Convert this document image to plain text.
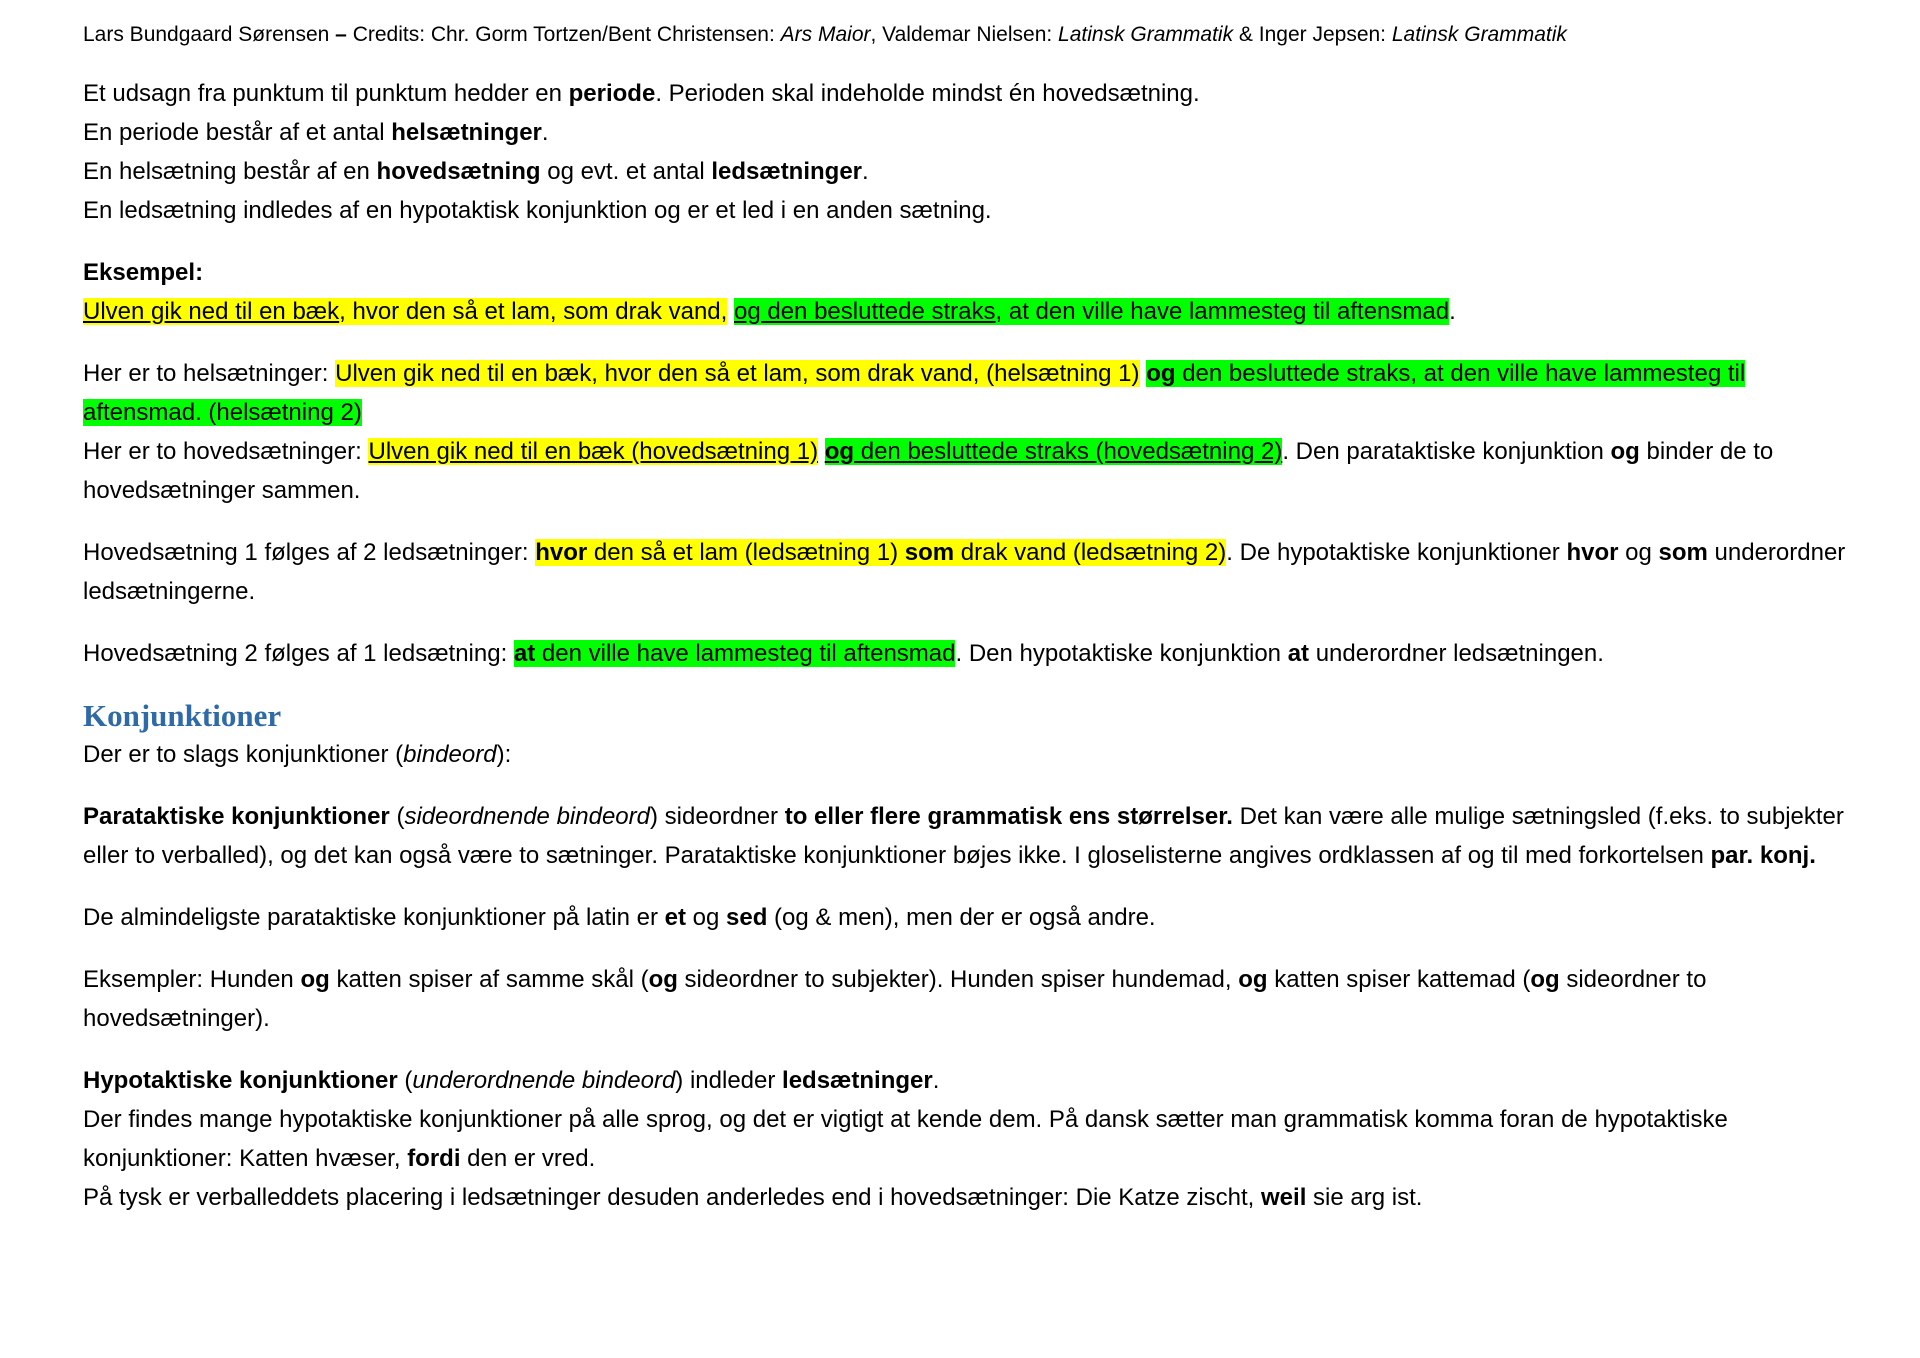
Lars Bundgaard Sørensen – Credits: Chr. Gorm Tortzen/Bent Christensen: Ars Maior, Valdemar Nielsen: Latinsk Grammatik & Inger Jepsen: Latinsk Grammatik

Et udsagn fra punktum til punktum hedder en periode. Perioden skal indeholde mindst én hovedsætning.

En periode består af et antal helsætninger.

En helsætning består af en hovedsætning og evt. et antal ledsætninger.

En ledsætning indledes af en hypotaktisk konjunktion og er et led i en anden sætning.

Eksempel:

Ulven gik ned til en bæk, hvor den så et lam, som drak vand, og den besluttede straks, at den ville have lammesteg til aftensmad.

Her er to helsætninger: Ulven gik ned til en bæk, hvor den så et lam, som drak vand, (helsætning 1) og den besluttede straks, at den ville have lammesteg til aftensmad. (helsætning 2)

Her er to hovedsætninger: Ulven gik ned til en bæk (hovedsætning 1) og den besluttede straks (hovedsætning 2). Den parataktiske konjunktion og binder de to hovedsætninger sammen.

Hovedsætning 1 følges af 2 ledsætninger: hvor den så et lam (ledsætning 1) som drak vand (ledsætning 2). De hypotaktiske konjunktioner hvor og som underordner ledsætningerne.

Hovedsætning 2 følges af 1 ledsætning: at den ville have lammesteg til aftensmad. Den hypotaktiske konjunktion at underordner ledsætningen.

Konjunktioner

Der er to slags konjunktioner (bindeord):

Parataktiske konjunktioner (sideordnende bindeord) sideordner to eller flere grammatisk ens størrelser. Det kan være alle mulige sætningsled (f.eks. to subjekter eller to verballed), og det kan også være to sætninger. Parataktiske konjunktioner bøjes ikke. I gloselisterne angives ordklassen af og til med forkortelsen par. konj.

De almindeligste parataktiske konjunktioner på latin er et og sed (og & men), men der er også andre.

Eksempler: Hunden og katten spiser af samme skål (og sideordner to subjekter). Hunden spiser hundemad, og katten spiser kattemad (og sideordner to hovedsætninger).

Hypotaktiske konjunktioner (underordnende bindeord) indleder ledsætninger.

Der findes mange hypotaktiske konjunktioner på alle sprog, og det er vigtigt at kende dem. På dansk sætter man grammatisk komma foran de hypotaktiske konjunktioner: Katten hvæser, fordi den er vred.

På tysk er verballeddets placering i ledsætninger desuden anderledes end i hovedsætninger: Die Katze zischt, weil sie arg ist.
